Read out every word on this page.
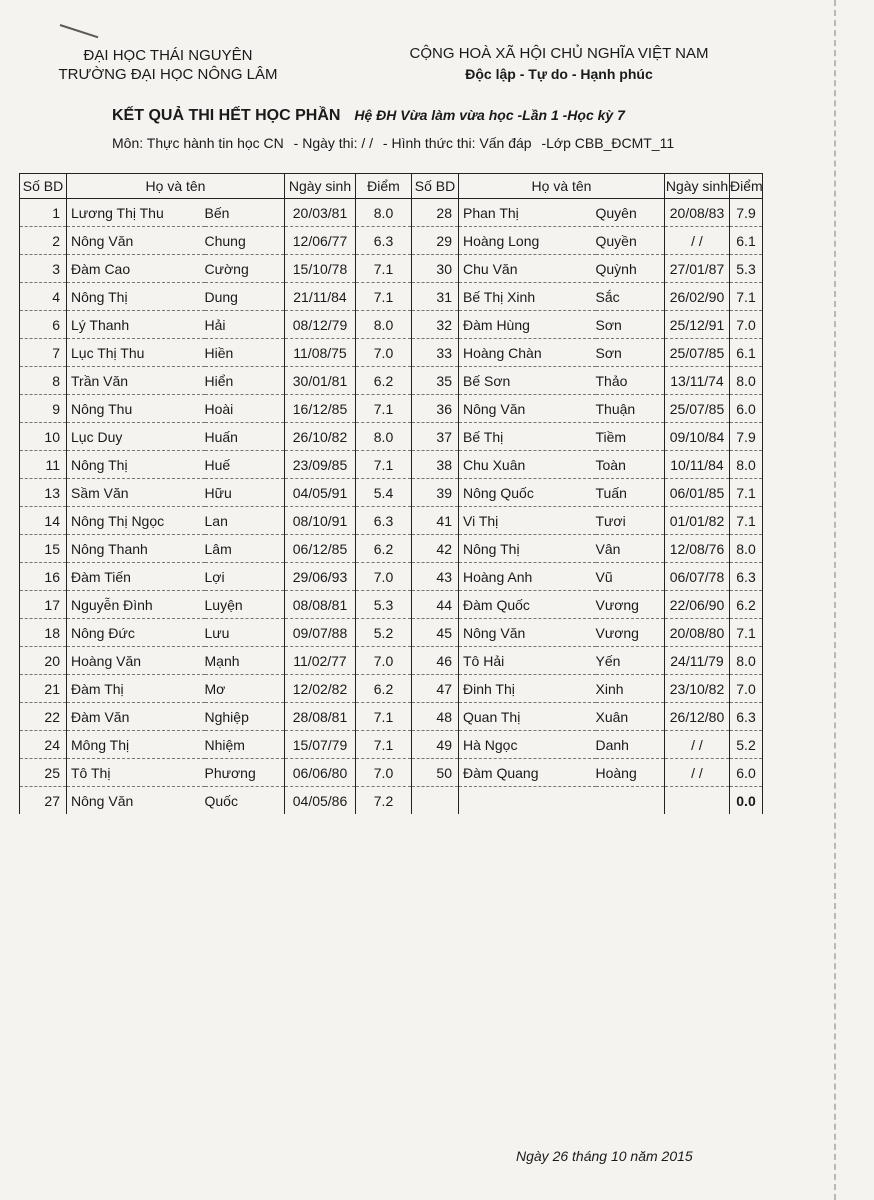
ĐẠI HỌC THÁI NGUYÊN
TRƯỜNG ĐẠI HỌC NÔNG LÂM
CỘNG HOÀ XÃ HỘI CHỦ NGHĨA VIỆT NAM
Độc lập - Tự do - Hạnh phúc
KẾT QUẢ THI HẾT HỌC PHẦN Hệ ĐH Vừa làm vừa học -Lần 1 -Học kỳ 7
Môn: Thực hành tin học CN - Ngày thi: / / - Hình thức thi: Vấn đáp -Lớp CBB_ĐCMT_11
Số BD	Họ và tên		Ngày sinh	Điểm	Số BD	Họ và tên		Ngày sinh	Điểm
1	Lương Thị Thu	Bến	20/03/81	8.0	28	Phan Thị	Quyên	20/08/83	7.9
2	Nông Văn	Chung	12/06/77	6.3	29	Hoàng Long	Quyền	/ /	6.1
3	Đàm Cao	Cường	15/10/78	7.1	30	Chu Văn	Quỳnh	27/01/87	5.3
4	Nông Thị	Dung	21/11/84	7.1	31	Bế Thị Xinh	Sắc	26/02/90	7.1
6	Lý Thanh	Hải	08/12/79	8.0	32	Đàm Hùng	Sơn	25/12/91	7.0
7	Lục Thị Thu	Hiền	11/08/75	7.0	33	Hoàng Chàn	Sơn	25/07/85	6.1
8	Trần Văn	Hiển	30/01/81	6.2	35	Bế Sơn	Thảo	13/11/74	8.0
9	Nông Thu	Hoài	16/12/85	7.1	36	Nông Văn	Thuận	25/07/85	6.0
10	Lục Duy	Huấn	26/10/82	8.0	37	Bế Thị	Tiềm	09/10/84	7.9
11	Nông Thị	Huế	23/09/85	7.1	38	Chu Xuân	Toàn	10/11/84	8.0
13	Sầm Văn	Hữu	04/05/91	5.4	39	Nông Quốc	Tuấn	06/01/85	7.1
14	Nông Thị Ngọc	Lan	08/10/91	6.3	41	Vi Thị	Tươi	01/01/82	7.1
15	Nông Thanh	Lâm	06/12/85	6.2	42	Nông Thị	Vân	12/08/76	8.0
16	Đàm Tiến	Lợi	29/06/93	7.0	43	Hoàng Anh	Vũ	06/07/78	6.3
17	Nguyễn Đình	Luyện	08/08/81	5.3	44	Đàm Quốc	Vương	22/06/90	6.2
18	Nông Đức	Lưu	09/07/88	5.2	45	Nông Văn	Vương	20/08/80	7.1
20	Hoàng Văn	Mạnh	11/02/77	7.0	46	Tô Hải	Yến	24/11/79	8.0
21	Đàm Thị	Mơ	12/02/82	6.2	47	Đinh Thị	Xinh	23/10/82	7.0
22	Đàm Văn	Nghiệp	28/08/81	7.1	48	Quan Thị	Xuân	26/12/80	6.3
24	Mông Thị	Nhiệm	15/07/79	7.1	49	Hà Ngọc	Danh	/ /	5.2
25	Tô Thị	Phương	06/06/80	7.0	50	Đàm Quang	Hoàng	/ /	6.0
27	Nông Văn	Quốc	04/05/86	7.2					0.0
Ngày 26 tháng 10 năm 2015
